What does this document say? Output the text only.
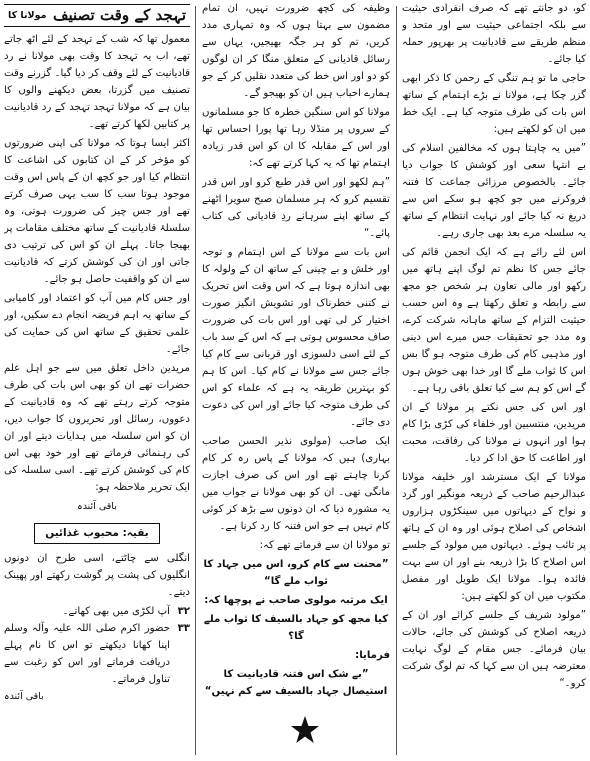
کو، دو جانتے تھے کہ صرف انفرادی حیثیت سے بلکہ اجتماعی حیثیت سے اور متحد و منظم طریقے سے قادیانیت پر بھرپور حملہ کیا جائے۔

حاجی ما تو ہم تنگی کے رحمن کا ذکر ابھی گزر چکا ہے، مولانا نے بڑے اہتمام کے ساتھ اس بات کی طرف متوجہ کیا ہے۔ ایک خط میں ان کو لکھتے ہیں:

”میں یہ چاہتا ہوں کہ مخالفین اسلام کی بے انتہا سعی اور کوشش کا جواب دیا جائے۔ بالخصوص مرزائی جماعت کا فتنہ فروکرنے میں جو کچھ ہو سکے اس سے دریغ نہ کیا جائے اور نہایت انتظام کے ساتھ یہ سلسلہ مرے بعد بھی جاری رہے۔

اس لئے رائے ہے کہ ایک انجمن قائم کی جائے جس کا نظم تم لوگ اپنے ہاتھ میں رکھو اور مالی تعاون ہر شخص جو مجھ سے رابطہ و تعلق رکھتا ہے وہ اس حسب حیثیت التزام کے ساتھ ماہانہ شرکت کرے، وہ مدد جو تحقیقات جس میرے اس دینی اور مذہبی کام کی طرف متوجہ ہو گا بس اس کا ثواب ملے گا اور خدا بھی خوش ہوں گے اس کو ہم سے کیا تعلق باقی رہا ہے۔

اور اس کی جس نکتے پر مولانا کے ان مریدین، منتسبین اور خلفاء کی کڑی بڑا کام ہوا اور انہوں نے مولانا کی رفاقت، محبت اور اطاعت کا حق ادا کر دیا۔

مولانا کے ایک مسترشد اور خلیفہ مولانا عبدالرحیم صاحب کے ذریعہ مونگیر اور گرد و نواح کے دیہاتوں میں سینکڑوں ہزاروں اشخاص کی اصلاح ہوئی اور وہ ان کے ہاتھ پر تائب ہوئے۔ دیہاتوں میں مولود کے جلسے اس اصلاح کا بڑا ذریعہ بنے اور ان سے بہت فائدہ ہوا۔ مولانا ایک طویل اور مفصل مکتوب میں ان کو لکھتے ہیں:

”مولود شریف کے جلسے کرائے اور ان کے ذریعہ اصلاح کی کوشش کی جائے، حالات بیان فرمائے۔ جس مقام کے لوگ نہایت معترضہ ہیں ان سے کہا کہ تم لوگ شرکت کرو۔“

وظیفہ کی کچھ ضرورت نہیں، ان تمام مضمون سے بہتا ہوں کہ وہ تمہاری مدد کریں، تم کو ہر جگہ بھیجیں، یہاں سے رسائل قادیانی کے متعلق منگا کر ان لوگوں کو دو اور اس خط کی متعدد نقلیں کر کے جو ہمارے احباب ہیں ان کو بھیجو گے۔

مولانا کو اس سنگین خطرہ کا جو مسلمانوں کے سروں پر منڈلا رہا تھا پورا احساس تھا اور اس کے مقابلہ کا ان کو اس قدر زیادہ اہتمام تھا کہ یہ کہا کرتے تھے کہ:

”ہم لکھو اور اس قدر طبع کرو اور اس قدر تقسیم کرو کہ ہر مسلمان صبح سویرا اٹھنے کے ساتھ اپنے سرہانے ردِ قادیانی کی کتاب پائے۔“

اس بات سے مولانا کے اس اہتمام و توجہ اور خلش و بے چینی کے ساتھ ان کے ولولہ کا بھی اندازہ ہوتا ہے کہ اس وقت اس تحریک نے کتنی خطرناک اور تشویش انگیز صورت اختیار کر لی تھی اور اس بات کی ضرورت صاف محسوس ہوتی ہے کہ اس کے سد باب کے لئے اسی دلسوزی اور قربانی سے کام کیا جائے جس سے مولانا نے کام کیا۔ اس کا ہم کو بہترین طریقہ یہ ہے کہ علماء کو اس کی طرف متوجہ کیا جائے اور اس کی دعوت دی جائے۔

ایک صاحب (مولوی نذیر الحسن صاحب بہاری) ہیں کہ مولانا کے پاس رہ کر کام کرنا چاہتے تھے اور اس کی صرف اجازت مانگی تھی۔ ان کو بھی مولانا نے جواب میں یہ مشورہ دیا کہ ان دونوں سے بڑھ کر کوئی کام نہیں ہے جو اس فتنہ کا رد کرنا ہے۔

تو مولانا ان سے فرماتے تھے کہ:

”محنت سے کام کرو، اس میں جہاد کا ثواب ملے گا“

ایک مرتبہ مولوی صاحب نے پوچھا کہ:

کیا مجھ کو جہاد بالسیف کا ثواب ملے گا؟

فرمایا:

”بے شک اس فتنہ قادیانیت کا استیصال جہاد بالسیف سے کم نہیں“

تہجد کے وقت تصنیف
مولانا کا

معمول تھا کہ شب کے تہجد کے لئے اٹھ جاتے تھے، اب یہ تہجد کا وقت بھی مولانا نے رد قادیانیت کے لئے وقف کر دیا گیا۔ گزرنے وقت تصنیف میں گزرتا، بعض دیکھنے والوں کا بیان ہے کہ مولانا تہجد تہجد کے رد قادیانیت پر کتابیں لکھا کرتے تھے۔

اکثر ایسا ہوتا کہ مولانا کی اپنی ضرورتوں کو مؤخر کر کے ان کتابوں کی اشاعت کا انتظام کیا اور جو کچھ ان کے پاس اس وقت موجود ہوتا سب کا سب یہی صرف کرتے تھے اور جس چیز کی ضرورت ہوتی، وہ سلسلۂ قادیانیت کے ساتھ مختلف مقامات پر بھیجا جاتا۔ پہلے ان کو اس کی ترتیب دی جاتی اور ان کی کوشش کرتے کہ قادیانیت سے ان کو واقفیت حاصل ہو جائے۔

اور جس کام میں آپ کو اعتماد اور کامیابی کے ساتھ یہ اہم فریضہ انجام دے سکیں، اور علمی تحقیق کے ساتھ اس کی حمایت کی جائے۔

مریدین داخل تعلق میں سے جو اہل علم حضرات تھے ان کو بھی اس بات کی طرف متوجہ کرتے رہتے تھے کہ وہ قادیانیت کے دعووں، رسائل اور تحریروں کا جواب دیں، ان کو اس سلسلہ میں ہدایات دیتے اور ان کی رہنمائی فرماتے تھے اور خود بھی اس کام کی کوشش کرتے تھے۔ اسی سلسلہ کی ایک تحریر ملاحظہ ہو:

باقی آئندہ

بقیہ: محبوب غذائیں

انگلی سے چاٹتے، اسی طرح ان دونوں انگلیوں کی پشت پر گوشت رکھتے اور پھینک دیتے۔

۳۲
آپ لکڑی میں بھی کھاتے۔
۳۳
حضور اکرم صلی اللہ علیہ وآلہ وسلم اپنا کھانا دیکھتے تو اس کا نام پہلے دریافت فرماتے اور اس کو رغبت سے تناول فرماتے۔

باقی آئندہ
